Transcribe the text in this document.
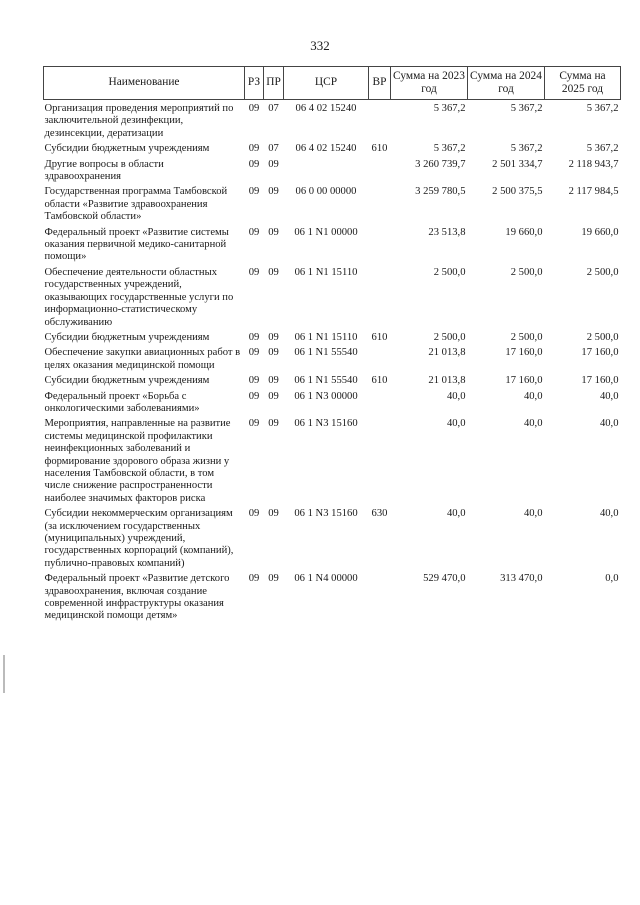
332
Наименование	РЗ	ПР	ЦСР	ВР	Сумма на 2023 год	Сумма на 2024 год	Сумма на 2025 год
Организация проведения мероприятий по заключительной дезинфекции, дезинсекции, дератизации	09	07	06 4 02 15240		5 367,2	5 367,2	5 367,2
Субсидии бюджетным учреждениям	09	07	06 4 02 15240	610	5 367,2	5 367,2	5 367,2
Другие вопросы в области здравоохранения	09	09			3 260 739,7	2 501 334,7	2 118 943,7
Государственная программа Тамбовской области «Развитие здравоохранения Тамбовской области»	09	09	06 0 00 00000		3 259 780,5	2 500 375,5	2 117 984,5
Федеральный проект «Развитие системы оказания первичной медико-санитарной помощи»	09	09	06 1 N1 00000		23 513,8	19 660,0	19 660,0
Обеспечение деятельности областных государственных учреждений, оказывающих государственные услуги по информационно-статистическому обслуживанию	09	09	06 1 N1 15110		2 500,0	2 500,0	2 500,0
Субсидии бюджетным учреждениям	09	09	06 1 N1 15110	610	2 500,0	2 500,0	2 500,0
Обеспечение закупки авиационных работ в целях оказания медицинской помощи	09	09	06 1 N1 55540		21 013,8	17 160,0	17 160,0
Субсидии бюджетным учреждениям	09	09	06 1 N1 55540	610	21 013,8	17 160,0	17 160,0
Федеральный проект «Борьба с онкологическими заболеваниями»	09	09	06 1 N3 00000		40,0	40,0	40,0
Мероприятия, направленные на развитие системы медицинской профилактики неинфекционных заболеваний и формирование здорового образа жизни у населения Тамбовской области, в том числе снижение распространенности наиболее значимых факторов риска	09	09	06 1 N3 15160		40,0	40,0	40,0
Субсидии некоммерческим организациям (за исключением государственных (муниципальных) учреждений, государственных корпораций (компаний), публично-правовых компаний)	09	09	06 1 N3 15160	630	40,0	40,0	40,0
Федеральный проект «Развитие детского здравоохранения, включая создание современной инфраструктуры оказания медицинской помощи детям»	09	09	06 1 N4 00000		529 470,0	313 470,0	0,0
